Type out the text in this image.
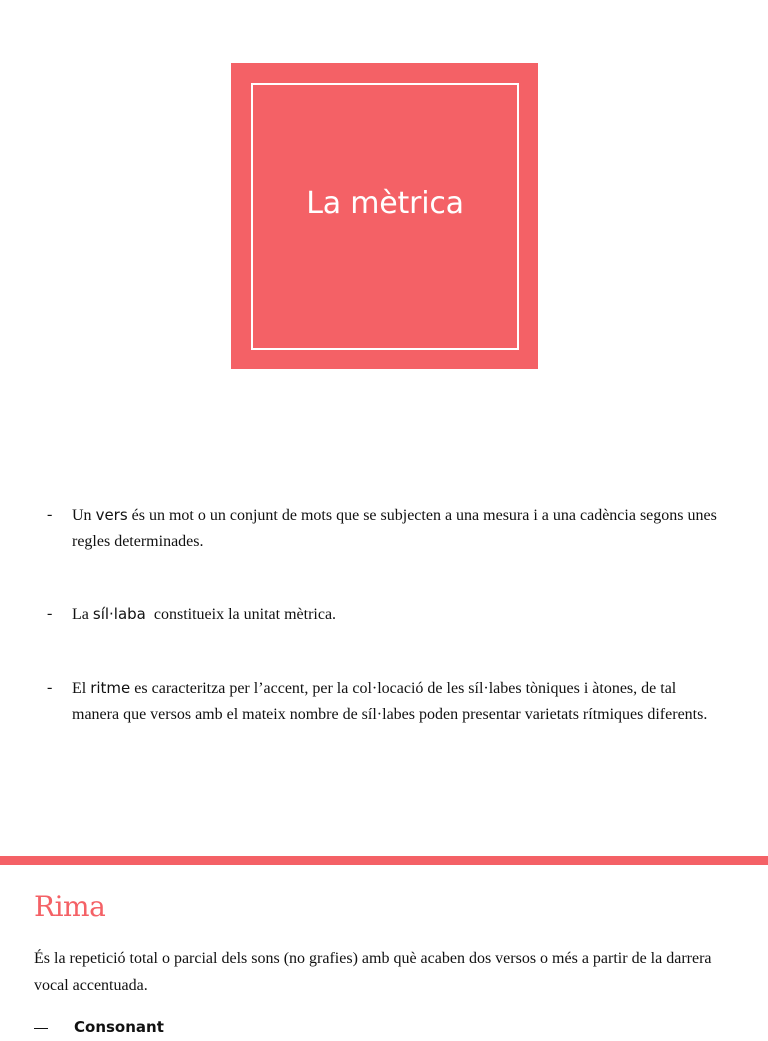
La mètrica
- Un vers és un mot o un conjunt de mots que se subjecten a una mesura i a una cadència segons unes regles determinades.
- La síl·laba  constitueix la unitat mètrica.
- El ritme es caracteritza per l’accent, per la col·locació de les síl·labes tòniques i àtones, de tal manera que versos amb el mateix nombre de síl·labes poden presentar varietats rítmiques diferents.
Rima
És la repetició total o parcial dels sons (no grafies) amb què acaben dos versos o més a partir de la darrera vocal accentuada.
Consonant
